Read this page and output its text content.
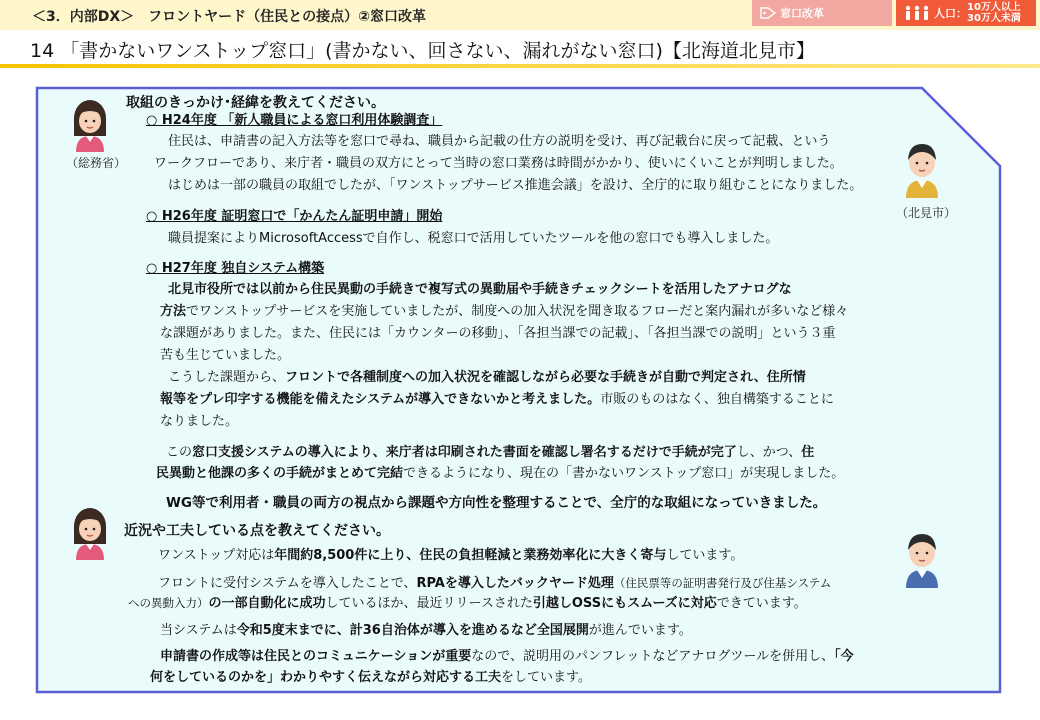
＜3．内部DX＞　フロントヤード（住民との接点）②窓口改革	窓口改革	人口： 10万人以上
30万人未満
14 「書かないワンストップ窓口」(書かない、回さない、漏れがない窓口)【北海道北見市】
（総務省）
（北見市）
取組のきっかけ･経緯を教えてください。
○ H24年度 「新人職員による窓口利用体験調査」
住民は、申請書の記入方法等を窓口で尋ね、職員から記載の仕方の説明を受け、再び記載台に戻って記載、という
ワークフローであり、来庁者・職員の双方にとって当時の窓口業務は時間がかかり、使いにくいことが判明しました。
はじめは一部の職員の取組でしたが、「ワンストップサービス推進会議」を設け、全庁的に取り組むことになりました。
○ H26年度 証明窓口で「かんたん証明申請」開始
職員提案によりMicrosoftAccessで自作し、税窓口で活用していたツールを他の窓口でも導入しました。
○ H27年度 独自システム構築
北見市役所では以前から住民異動の手続きで複写式の異動届や手続きチェックシートを活用したアナログな
方法でワンストップサービスを実施していましたが、制度への加入状況を聞き取るフローだと案内漏れが多いなど様々
な課題がありました。また、住民には「カウンターの移動」、「各担当課での記載」、「各担当課での説明」という３重
苦も生じていました。
こうした課題から、フロントで各種制度への加入状況を確認しながら必要な手続きが自動で判定され、住所情
報等をプレ印字する機能を備えたシステムが導入できないかと考えました。市販のものはなく、独自構築することに
なりました。
この窓口支援システムの導入により、来庁者は印刷された書面を確認し署名するだけで手続が完了し、かつ、住
民異動と他課の多くの手続がまとめて完結できるようになり、現在の「書かないワンストップ窓口」が実現しました。
WG等で利用者・職員の両方の視点から課題や方向性を整理することで、全庁的な取組になっていきました。
近況や工夫している点を教えてください。
ワンストップ対応は年間約8,500件に上り、住民の負担軽減と業務効率化に大きく寄与しています。
フロントに受付システムを導入したことで、RPAを導入したバックヤード処理（住民票等の証明書発行及び住基システム
への異動入力）の一部自動化に成功しているほか、最近リリースされた引越しOSSにもスムーズに対応できています。
当システムは令和5度末までに、計36自治体が導入を進めるなど全国展開が進んでいます。
申請書の作成等は住民とのコミュニケーションが重要なので、説明用のパンフレットなどアナログツールを併用し、「今
何をしているのかを」わかりやすく伝えながら対応する工夫をしています。
